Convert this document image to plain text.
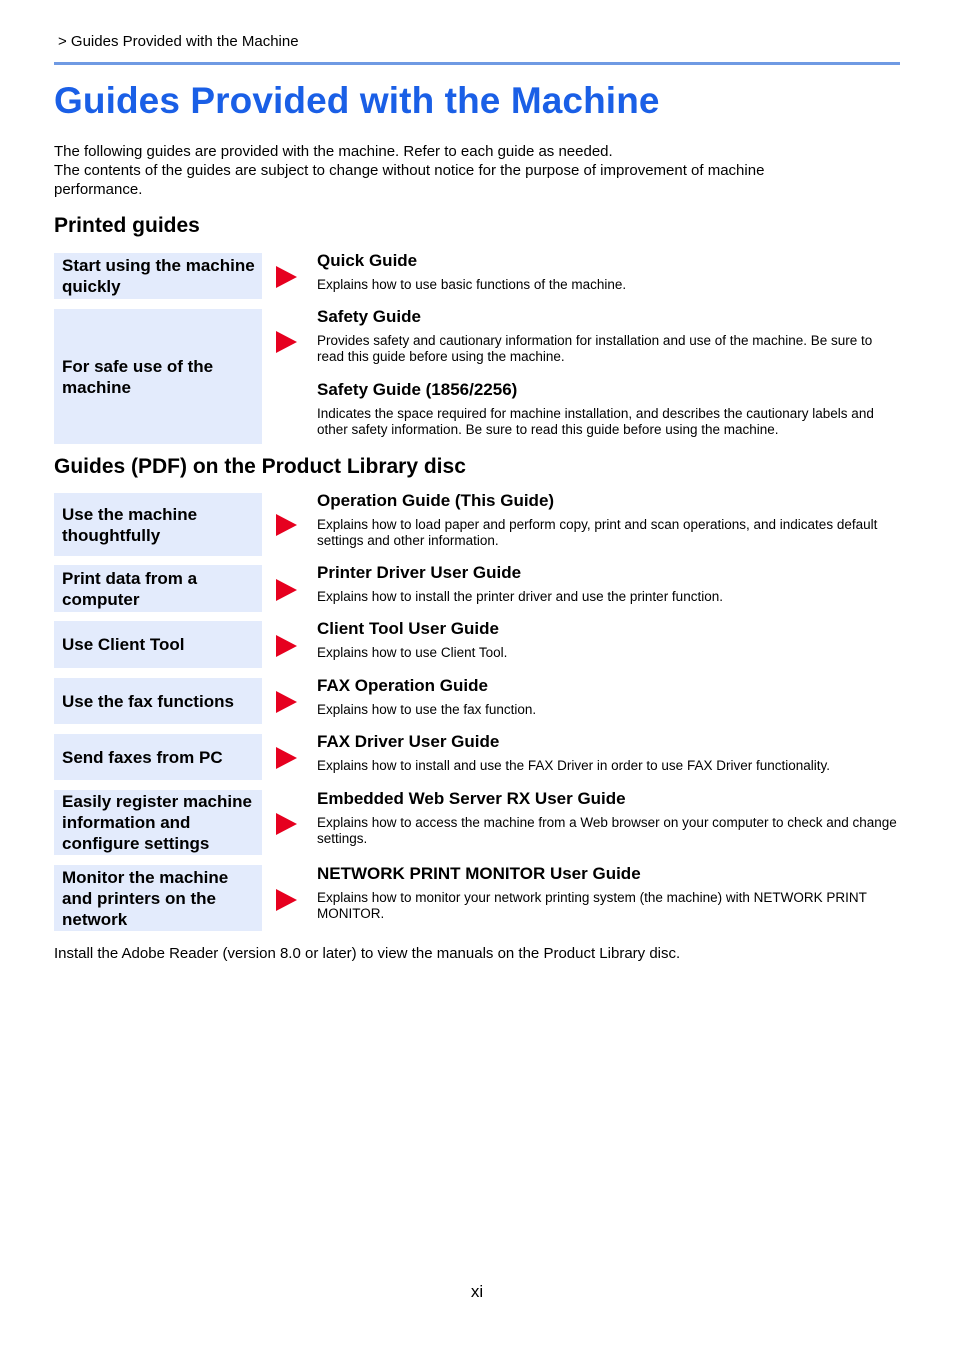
> Guides Provided with the Machine
Guides Provided with the Machine

The following guides are provided with the machine. Refer to each guide as needed.

The contents of the guides are subject to change without notice for the purpose of improvement of machine performance.

Printed guides
Start using the machine quickly

Quick Guide

Explains how to use basic functions of the machine.

For safe use of the machine

Safety Guide

Provides safety and cautionary information for installation and use of the machine. Be sure to read this guide before using the machine.

Safety Guide (1856/2256)

Indicates the space required for machine installation, and describes the cautionary labels and other safety information. Be sure to read this guide before using the machine.

Guides (PDF) on the Product Library disc
Use the machine thoughtfully

Operation Guide (This Guide)

Explains how to load paper and perform copy, print and scan operations, and indicates default settings and other information.

Print data from a computer

Printer Driver User Guide

Explains how to install the printer driver and use the printer function.

Use Client Tool

Client Tool User Guide

Explains how to use Client Tool.

Use the fax functions

FAX Operation Guide

Explains how to use the fax function.

Send faxes from PC

FAX Driver User Guide

Explains how to install and use the FAX Driver in order to use FAX Driver functionality.

Easily register machine information and configure settings

Embedded Web Server RX User Guide

Explains how to access the machine from a Web browser on your computer to check and change settings.

Monitor the machine and printers on the network

NETWORK PRINT MONITOR User Guide

Explains how to monitor your network printing system (the machine) with NETWORK PRINT MONITOR.

Install the Adobe Reader (version 8.0 or later) to view the manuals on the Product Library disc.
xi
